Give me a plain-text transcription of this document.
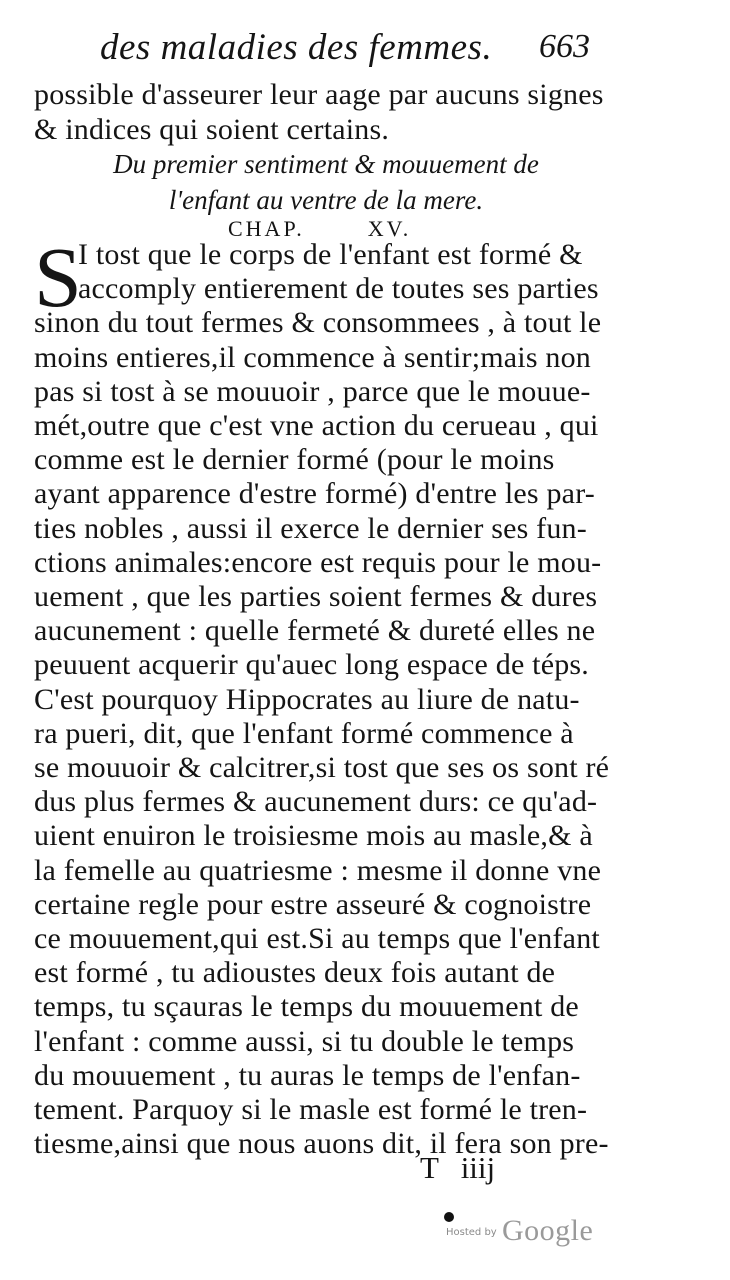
des maladies des femmes. 663
possible d'asseurer leur aage par aucuns signes
& indices qui soient certains.
Du premier sentiment & mouuement de
l'enfant au ventre de la mere.
CHAP.	XV.
S
I tost que le corps de l'enfant est formé &
accomply entierement de toutes ses parties
sinon du tout fermes & consommees , à tout le
moins entieres,il commence à sentir;mais non
pas si tost à se mouuoir , parce que le mouue-
mét,outre que c'est vne action du cerueau , qui
comme est le dernier formé (pour le moins
ayant apparence d'estre formé) d'entre les par-
ties nobles , aussi il exerce le dernier ses fun-
ctions animales:encore est requis pour le mou-
uement , que les parties soient fermes & dures
aucunement : quelle fermeté & dureté elles ne
peuuent acquerir qu'auec long espace de téps.
C'est pourquoy Hippocrates au liure de natu-
ra pueri, dit, que l'enfant formé commence à
se mouuoir & calcitrer,si tost que ses os sont ré
dus plus fermes & aucunement durs: ce qu'ad-
uient enuiron le troisiesme mois au masle,& à
la femelle au quatriesme : mesme il donne vne
certaine regle pour estre asseuré & cognoistre
ce mouuement,qui est.Si au temps que l'enfant
est formé , tu adioustes deux fois autant de
temps, tu sçauras le temps du mouuement de
l'enfant : comme aussi, si tu double le temps
du mouuement , tu auras le temps de l'enfan-
tement. Parquoy si le masle est formé le tren-
tiesme,ainsi que nous auons dit, il fera son pre-
T iiij
Hosted by Google
